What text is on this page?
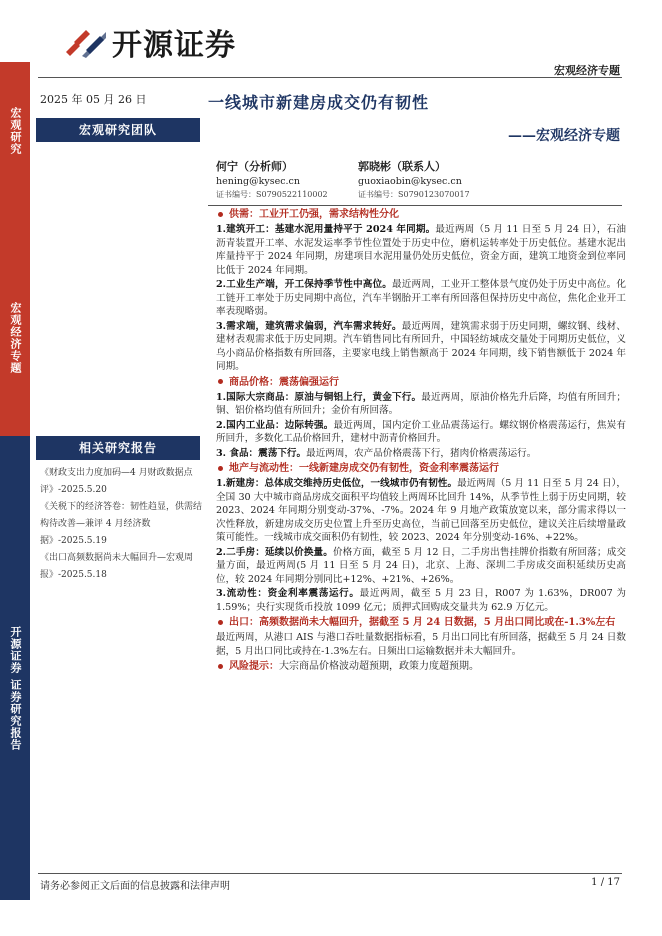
开源证券
宏观经济专题
宏观研究
宏观经济专题
开源证券 证券研究报告
2025 年 05 月 26 日	一线城市新建房成交仍有韧性
——宏观经济专题
宏观研究团队
何宁（分析师）
hening@kysec.cn
证书编号：S0790522110002
郭晓彬（联系人）
guoxiaobin@kysec.cn
证书编号：S0790123070017
相关研究报告
《财政支出力度加码—4 月财政数据点评》-2025.5.20
《关税下的经济答卷：韧性趋显，供需结构待改善—兼评 4 月经济数据》-2025.5.19
《出口高频数据尚未大幅回升—宏观周报》-2025.5.18
供需：工业开工仍强，需求结构性分化
1.建筑开工：基建水泥用量持平于 2024 年同期。最近两周（5 月 11 日至 5 月 24 日），石油沥青装置开工率、水泥发运率季节性位置处于历史中位，磨机运转率处于历史低位。基建水泥出库量持平于 2024 年同期，房建项目水泥用量仍处历史低位，资金方面，建筑工地资金到位率同比低于 2024 年同期。
2.工业生产端，开工保持季节性中高位。最近两周，工业开工整体景气度仍处于历史中高位。化工链开工率处于历史同期中高位，汽车半钢胎开工率有所回落但保持历史中高位，焦化企业开工率表现略弱。
3.需求端，建筑需求偏弱，汽车需求转好。最近两周，建筑需求弱于历史同期，螺纹钢、线材、建材表观需求低于历史同期。汽车销售同比有所回升，中国轻纺城成交量处于同期历史低位，义乌小商品价格指数有所回落，主要家电线上销售额高于 2024 年同期，线下销售额低于 2024 年同期。
商品价格：震荡偏强运行
1.国际大宗商品：原油与铜铝上行，黄金下行。最近两周，原油价格先升后降，均值有所回升；铜、铝价格均值有所回升；金价有所回落。
2.国内工业品：边际转强。最近两周，国内定价工业品震荡运行。螺纹钢价格震荡运行，焦炭有所回升，多数化工品价格回升，建材中沥青价格回升。
3. 食品：震荡下行。最近两周，农产品价格震荡下行，猪肉价格震荡运行。
地产与流动性：一线新建房成交仍有韧性，资金利率震荡运行
1.新建房：总体成交维持历史低位，一线城市仍有韧性。最近两周（5 月 11 日至 5 月 24 日），全国 30 大中城市商品房成交面积平均值较上两周环比回升 14%，从季节性上弱于历史同期，较 2023、2024 年同期分别变动-37%、-7%。2024 年 9 月地产政策放宽以来，部分需求得以一次性释放，新建房成交历史位置上升至历史高位，当前已回落至历史低位，建议关注后续增量政策可能性。一线城市成交面积仍有韧性，较 2023、2024 年分别变动-16%、+22%。
2.二手房：延续以价换量。价格方面，截至 5 月 12 日，二手房出售挂牌价指数有所回落；成交量方面，最近两周(5 月 11 日至 5 月 24 日)，北京、上海、深圳二手房成交面积延续历史高位，较 2024 年同期分别同比+12%、+21%、+26%。
3.流动性：资金利率震荡运行。最近两周，截至 5 月 23 日，R007 为 1.63%，DR007 为 1.59%；央行实现货币投放 1099 亿元；质押式回购成交量共为 62.9 万亿元。
出口：高频数据尚未大幅回升，据截至 5 月 24 日数据，5 月出口同比或在-1.3%左右
最近两周，从港口 AIS 与港口吞吐量数据指标看，5 月出口同比有所回落，据截至 5 月 24 日数据，5 月出口同比或持在-1.3%左右。日频出口运输数据并未大幅回升。
风险提示：大宗商品价格波动超预期，政策力度超预期。
请务必参阅正文后面的信息披露和法律声明	1 / 17
